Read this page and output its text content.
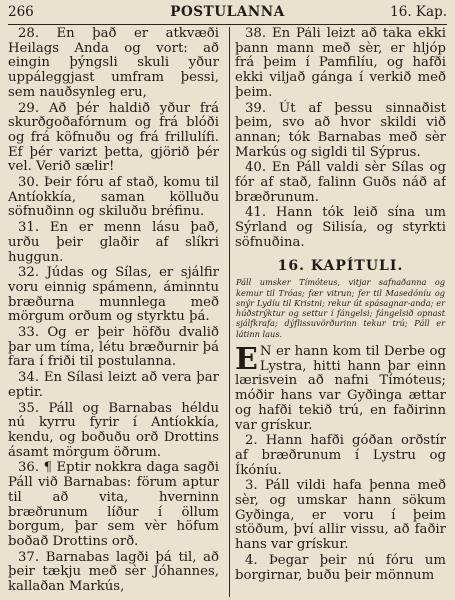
266	POSTULANNA	16. Kap.

28. En það er atkvæði Heilags Anda og vort: að eingin þýngsli skuli yður uppáleggjast umfram þessi, sem nauðsynleg eru,

29. Að þér haldið yður frá skurðgoðafórnum og frá blóði og frá köfnuðu og frá frillulífi. Ef þér varizt þetta, gjörið þér vel. Verið sælir!

30. Þeir fóru af stað, komu til Antíokkía, saman kölluðu söfnuðinn og skiluðu bréfinu.

31. En er menn lásu það, urðu þeir glaðir af slíkri huggun.

32. Júdas og Sílas, er sjálfir voru einnig spámenn, áminntu bræðurna munnlega með mörgum orðum og styrktu þá.

33. Og er þeir höfðu dvalið þar um tíma, létu bræðurnir þá fara í friði til postulanna.

34. En Sílasi leizt að vera þar eptir.

35. Páll og Barnabas héldu nú kyrru fyrir í Antíokkía, kendu, og boðuðu orð Drottins ásamt mörgum öðrum.

36. ¶ Eptir nokkra daga sagði Páll við Barnabas: förum aptur til að vita, hverninn bræðrunum líður í öllum borgum, þar sem vèr höfum boðað Drottins orð.

37. Barnabas lagði þá til, að þeir tækju með sèr Jóhannes, kallaðan Markús,

38. En Páli leizt að taka ekki þann mann með sèr, er hljóp frá þeim í Pamfilíu, og hafði ekki viljað gánga í verkið með þeim.

39. Út af þessu sinnaðist þeim, svo að hvor skildi við annan; tók Barnabas með sèr Markús og sigldi til Sýprus.

40. En Páll valdi sèr Sílas og fór af stað, falinn Guðs náð af bræðrunum.

41. Hann tók leið sína um Sýrland og Silisía, og styrkti söfnuðina.

16. KAPÍTULI.
Páll umsker Tímóteus, vitjar safnaðanna og kemur til Tróas; fær vitrun; fer til Masedóníu og snýr Lydíu til Kristni; rekur út spásagnar-anda; er húðstrýktur og settur í fángelsi; fángelsið opnast sjálfkrafa; dýflissuvörðurinn tekur trú; Páll er látinn laus.

E N er hann kom til Derbe og Lystra, hitti hann þar einn lærisvein að nafni Tímóteus; móðir hans var Gyðinga ættar og hafði tekið trú, en faðirinn var grískur.

2. Hann hafði góðan orðstír af bræðrunum í Lystru og Íkóníu.

3. Páll vildi hafa þenna með sèr, og umskar hann sökum Gyðinga, er voru í þeim stöðum, því allir vissu, að faðir hans var grískur.

4. Þegar þeir nú fóru um borgirnar, buðu þeir mönnum
